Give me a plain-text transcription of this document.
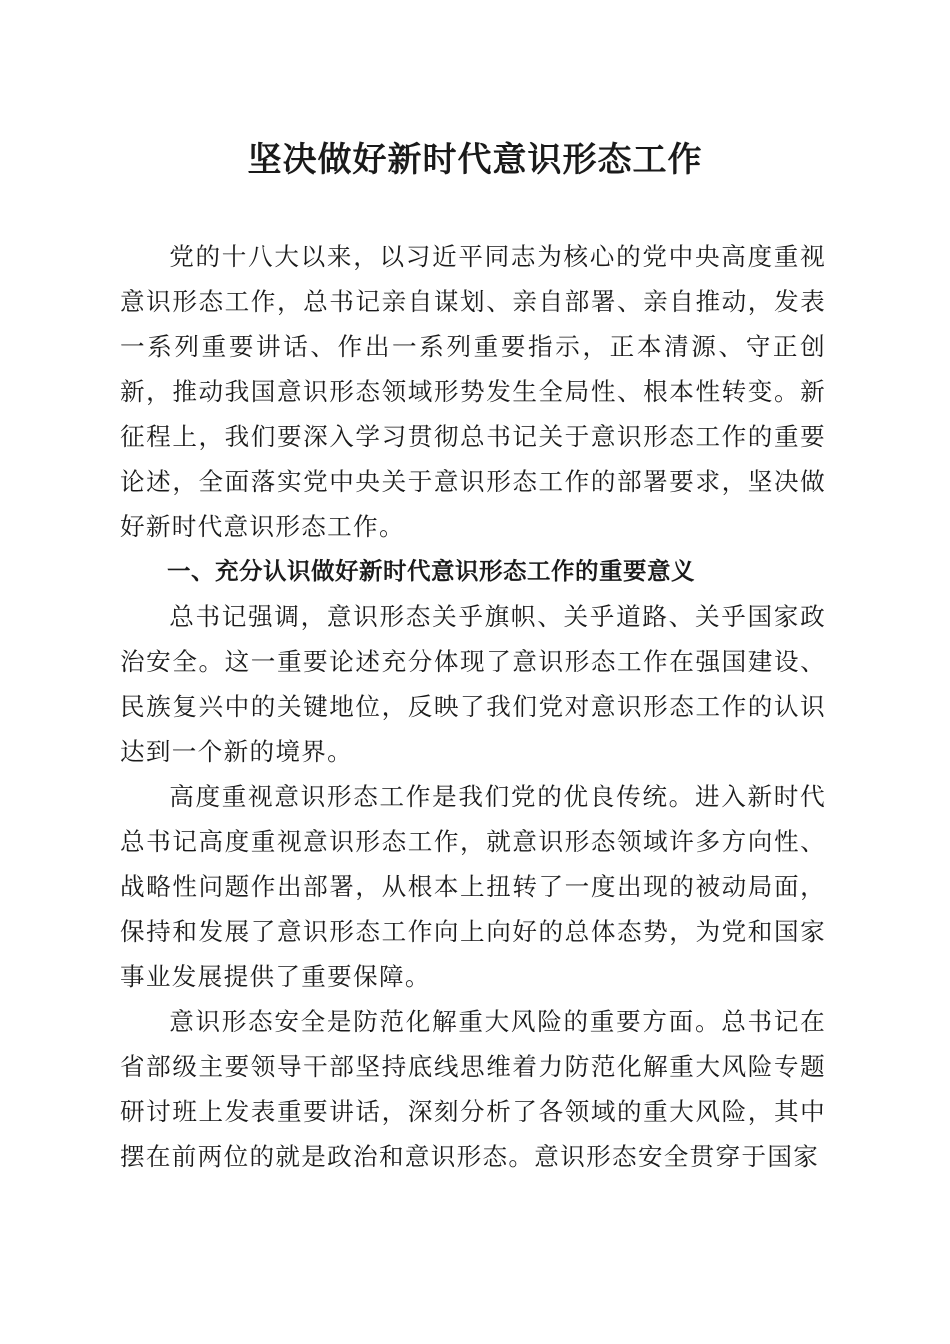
坚决做好新时代意识形态工作

党的十八大以来，以习近平同志为核心的党中央高度重视意识形态工作，总书记亲自谋划、亲自部署、亲自推动，发表一系列重要讲话、作出一系列重要指示，正本清源、守正创新，推动我国意识形态领域形势发生全局性、根本性转变。新征程上，我们要深入学习贯彻总书记关于意识形态工作的重要论述，全面落实党中央关于意识形态工作的部署要求，坚决做好新时代意识形态工作。

一、充分认识做好新时代意识形态工作的重要意义

总书记强调，意识形态关乎旗帜、关乎道路、关乎国家政治安全。这一重要论述充分体现了意识形态工作在强国建设、民族复兴中的关键地位，反映了我们党对意识形态工作的认识达到一个新的境界。

高度重视意识形态工作是我们党的优良传统。进入新时代总书记高度重视意识形态工作，就意识形态领域许多方向性、战略性问题作出部署，从根本上扭转了一度出现的被动局面，保持和发展了意识形态工作向上向好的总体态势，为党和国家事业发展提供了重要保障。

意识形态安全是防范化解重大风险的重要方面。总书记在省部级主要领导干部坚持底线思维着力防范化解重大风险专题研讨班上发表重要讲话，深刻分析了各领域的重大风险，其中摆在前两位的就是政治和意识形态。意识形态安全贯穿于国家
